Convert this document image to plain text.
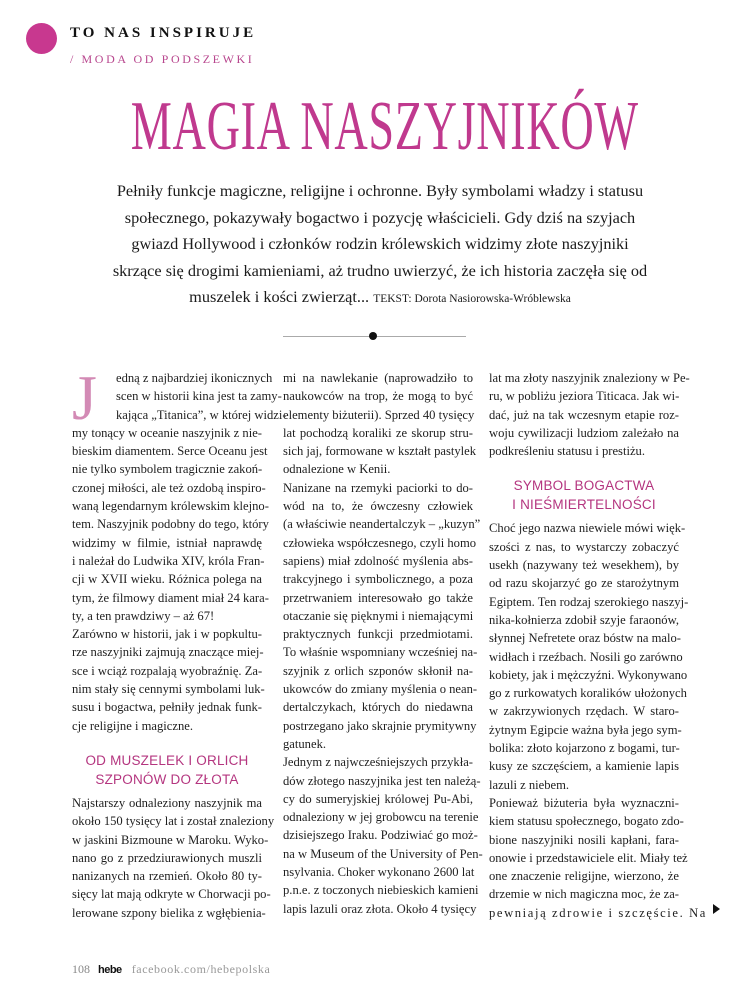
TO NAS INSPIRUJE
/ MODA OD PODSZEWKI
MAGIA NASZYJNIKÓW
Pełniły funkcje magiczne, religijne i ochronne. Były symbolami władzy i statusu społecznego, pokazywały bogactwo i pozycję właścicieli. Gdy dziś na szyjach gwiazd Hollywood i członków rodzin królewskich widzimy złote naszyjniki skrzące się drogimi kamieniami, aż trudno uwierzyć, że ich historia zaczęła się od muszelek i kości zwierząt... TEKST: Dorota Nasiorowska-Wróblewska
J	edną z najbardziej ikonicznych
scen w historii kina jest ta zamy-
kająca „Titanica”, w której widzi-
my tonący w oceanie naszyjnik z nie-
bieskim diamentem. Serce Oceanu jest
nie tylko symbolem tragicznie zakoń-
czonej miłości, ale też ozdobą inspiro-
waną legendarnym królewskim klejno-
tem. Naszyjnik podobny do tego, który
widzimy w filmie, istniał naprawdę
i należał do Ludwika XIV, króla Fran-
cji w XVII wieku. Różnica polega na
tym, że filmowy diament miał 24 kara-
ty, a ten prawdziwy – aż 67!
Zarówno w historii, jak i w popkultu-
rze naszyjniki zajmują znaczące miej-
sce i wciąż rozpalają wyobraźnię. Za-
nim stały się cennymi symbolami luk-
susu i bogactwa, pełniły jednak funk-
cje religijne i magiczne.
OD MUSZELEK I ORLICH
SZPONÓW DO ZŁOTA
Najstarszy odnaleziony naszyjnik ma
około 150 tysięcy lat i został znaleziony
w jaskini Bizmoune w Maroku. Wyko-
nano go z przedziurawionych muszli
nanizanych na rzemień. Około 80 ty-
sięcy lat mają odkryte w Chorwacji po-
lerowane szpony bielika z wgłębienia-
mi na nawlekanie (naprowadziło to
naukowców na trop, że mogą to być
elementy biżuterii). Sprzed 40 tysięcy
lat pochodzą koraliki ze skorup stru-
sich jaj, formowane w kształt pastylek
odnalezione w Kenii.
Nanizane na rzemyki paciorki to do-
wód na to, że ówczesny człowiek
(a właściwie neandertalczyk – „kuzyn”
człowieka współczesnego, czyli homo
sapiens) miał zdolność myślenia abs-
trakcyjnego i symbolicznego, a poza
przetrwaniem interesowało go także
otaczanie się pięknymi i niemającymi
praktycznych funkcji przedmiotami.
To właśnie wspomniany wcześniej na-
szyjnik z orlich szponów skłonił na-
ukowców do zmiany myślenia o nean-
dertalczykach, których do niedawna
postrzegano jako skrajnie prymitywny
gatunek.
Jednym z najwcześniejszych przykła-
dów złotego naszyjnika jest ten należą-
cy do sumeryjskiej królowej Pu-Abi,
odnaleziony w jej grobowcu na terenie
dzisiejszego Iraku. Podziwiać go moż-
na w Museum of the University of Pen-
nsylvania. Choker wykonano 2600 lat
p.n.e. z toczonych niebieskich kamieni
lapis lazuli oraz złota. Około 4 tysięcy
lat ma złoty naszyjnik znaleziony w Pe-
ru, w pobliżu jeziora Titicaca. Jak wi-
dać, już na tak wczesnym etapie roz-
woju cywilizacji ludziom zależało na
podkreśleniu statusu i prestiżu.
SYMBOL BOGACTWA
I NIEŚMIERTELNOŚCI
Choć jego nazwa niewiele mówi więk-
szości z nas, to wystarczy zobaczyć
usekh (nazywany też wesekhem), by
od razu skojarzyć go ze starożytnym
Egiptem. Ten rodzaj szerokiego naszyj-
nika-kołnierza zdobił szyje faraonów,
słynnej Nefretete oraz bóstw na malo-
widłach i rzeźbach. Nosili go zarówno
kobiety, jak i mężczyźni. Wykonywano
go z rurkowatych koralików ułożonych
w zakrzywionych rzędach. W staro-
żytnym Egipcie ważna była jego sym-
bolika: złoto kojarzono z bogami, tur-
kusy ze szczęściem, a kamienie lapis
lazuli z niebem.
Ponieważ biżuteria była wyznaczni-
kiem statusu społecznego, bogato zdo-
bione naszyjniki nosili kapłani, fara-
onowie i przedstawiciele elit. Miały też
one znaczenie religijne, wierzono, że
drzemie w nich magiczna moc, że za-
pewniają zdrowie i szczęście. Na
108 hebe facebook.com/hebepolska
